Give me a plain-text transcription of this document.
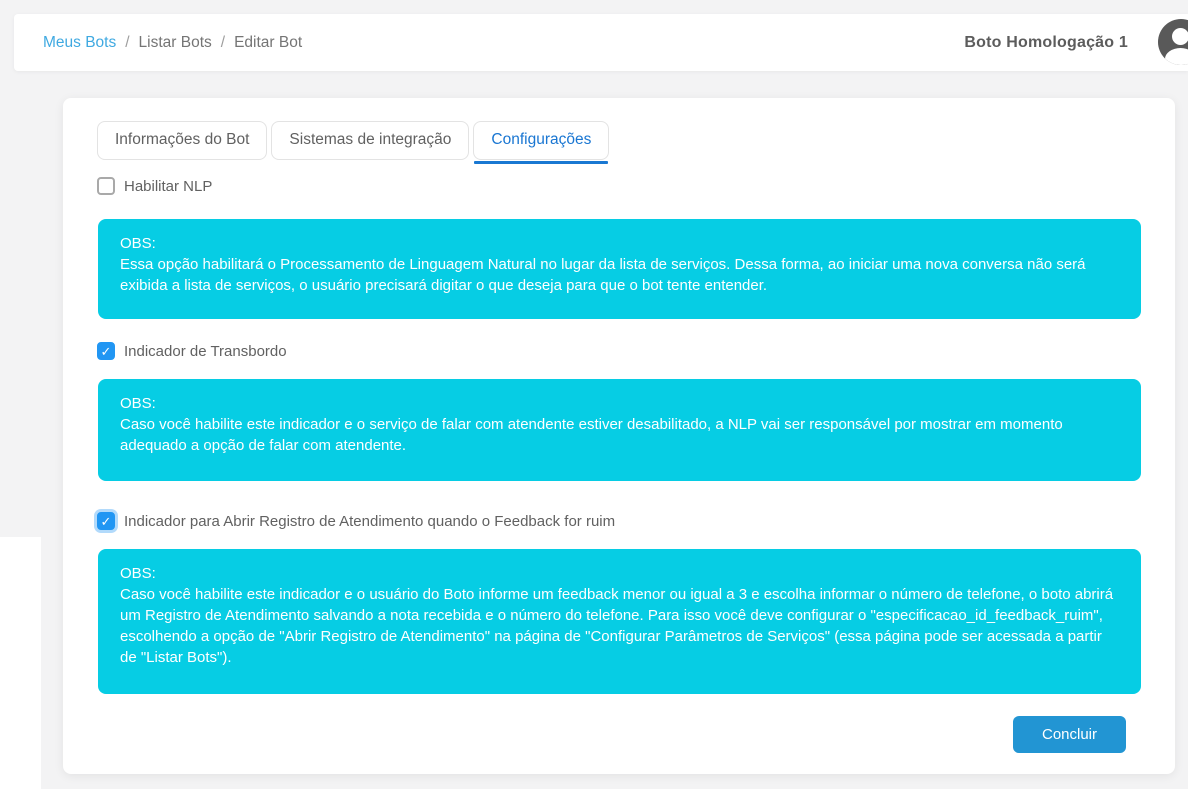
Meus Bots / Listar Bots / Editar Bot	Boto Homologação 1
Informações do Bot	Sistemas de integração	Configurações
Habilitar NLP
OBS:
Essa opção habilitará o Processamento de Linguagem Natural no lugar da lista de serviços. Dessa forma, ao iniciar uma nova conversa não será exibida a lista de serviços, o usuário precisará digitar o que deseja para que o bot tente entender.
✓ Indicador de Transbordo
OBS:
Caso você habilite este indicador e o serviço de falar com atendente estiver desabilitado, a NLP vai ser responsável por mostrar em momento adequado a opção de falar com atendente.
✓ Indicador para Abrir Registro de Atendimento quando o Feedback for ruim
OBS:
Caso você habilite este indicador e o usuário do Boto informe um feedback menor ou igual a 3 e escolha informar o número de telefone, o boto abrirá um Registro de Atendimento salvando a nota recebida e o número do telefone. Para isso você deve configurar o "especificacao_id_feedback_ruim", escolhendo a opção de "Abrir Registro de Atendimento" na página de "Configurar Parâmetros de Serviços" (essa página pode ser acessada a partir de "Listar Bots").
Concluir
